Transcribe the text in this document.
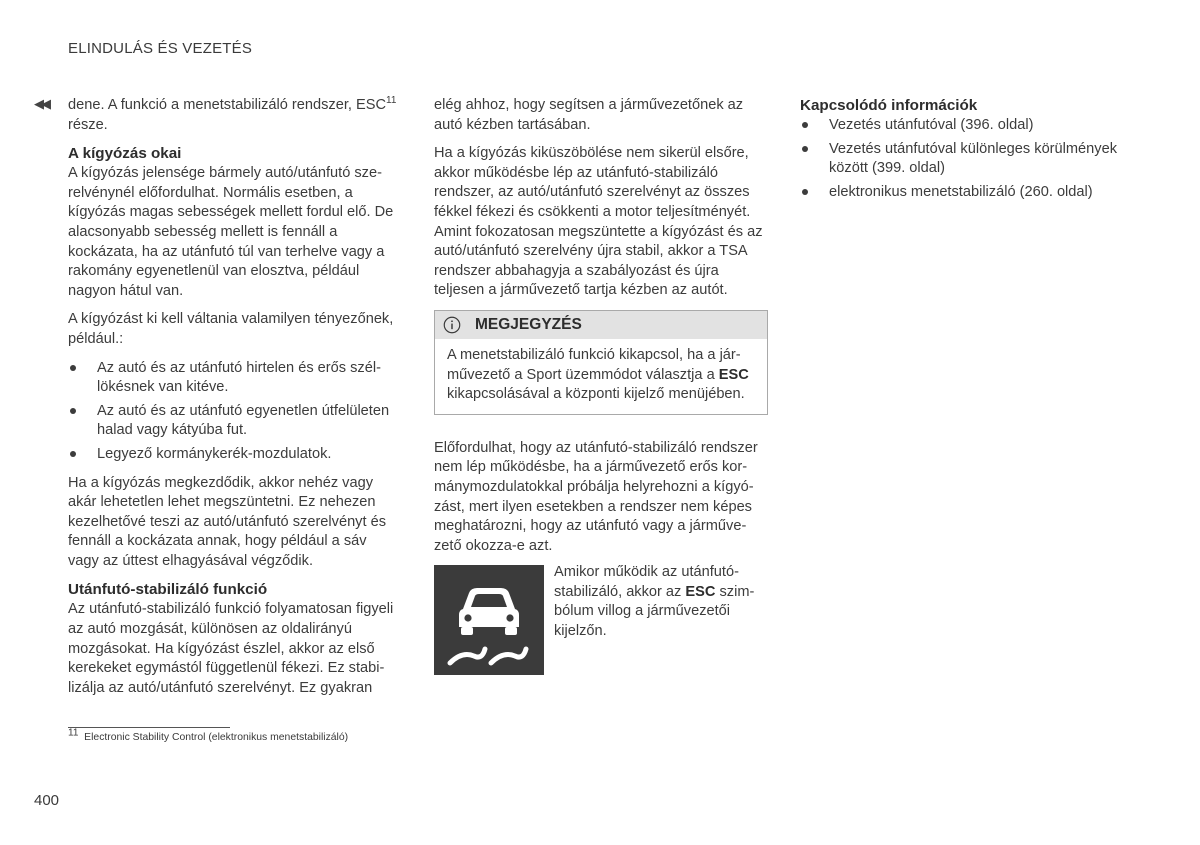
ELINDULÁS ÉS VEZETÉS
◀◀ dene. A funkció a menetstabilizáló rendszer, ESC$^{11}$ része.

A kígyózás okai

A kígyózás jelensége bármely autó/utánfutó szerelvénynél előfordulhat. Normális esetben, a kígyózás magas sebességek mellett fordul elő. De alacsonyabb sebesség mellett is fennáll a kockázata, ha az utánfutó túl van terhelve vagy a rakomány egyenetlenül van elosztva, például nagyon hátul van.

A kígyózást ki kell váltania valamilyen tényezőnek, például.:

Az autó és az utánfutó hirtelen és erős széllökésnek van kitéve.
Az autó és az utánfutó egyenetlen útfelületen halad vagy kátyúba fut.
Legyező kormánykerék-mozdulatok.

Ha a kígyózás megkezdődik, akkor nehéz vagy akár lehetetlen lehet megszüntetni. Ez nehezen kezelhetővé teszi az autó/utánfutó szerelvényt és fennáll a kockázata annak, hogy például a sáv vagy az úttest elhagyásával végződik.

Utánfutó-stabilizáló funkció

Az utánfutó-stabilizáló funkció folyamatosan figyeli az autó mozgását, különösen az oldalirányú mozgásokat. Ha kígyózást észlel, akkor az első kerekeket egymástól függetlenül fékezi. Ez stabilizálja az autó/utánfutó szerelvényt. Ez gyakran

elég ahhoz, hogy segítsen a járművezetőnek az autó kézben tartásában.

Ha a kígyózás kiküszöbölése nem sikerül elsőre, akkor működésbe lép az utánfutó-stabilizáló rendszer, az autó/utánfutó szerelvényt az összes fékkel fékezi és csökkenti a motor teljesítményét. Amint fokozatosan megszüntette a kígyózást és az autó/utánfutó szerelvény újra stabil, akkor a TSA rendszer abbahagyja a szabályozást és újra teljesen a járművezető tartja kézben az autót.

MEGJEGYZÉS
A menetstabilizáló funkció kikapcsol, ha a járművezető a Sport üzemmódot választja a ESC kikapcsolásával a központi kijelző menüjében.

Előfordulhat, hogy az utánfutó-stabilizáló rendszer nem lép működésbe, ha a járművezető erős kormánymozdulatokkal próbálja helyrehozni a kígyózást, mert ilyen esetekben a rendszer nem képes meghatározni, hogy az utánfutó vagy a járművezető okozza-e azt.

Amikor működik az utánfutóstabilizáló, akkor az ESC szimbólum villog a járművezetői kijelzőn.
Kapcsolódó információk
Vezetés utánfutóval (396. oldal)
Vezetés utánfutóval különleges körülmények között (399. oldal)
elektronikus menetstabilizáló (260. oldal)
$^{11}$ Electronic Stability Control (elektronikus menetstabilizáló)
400
